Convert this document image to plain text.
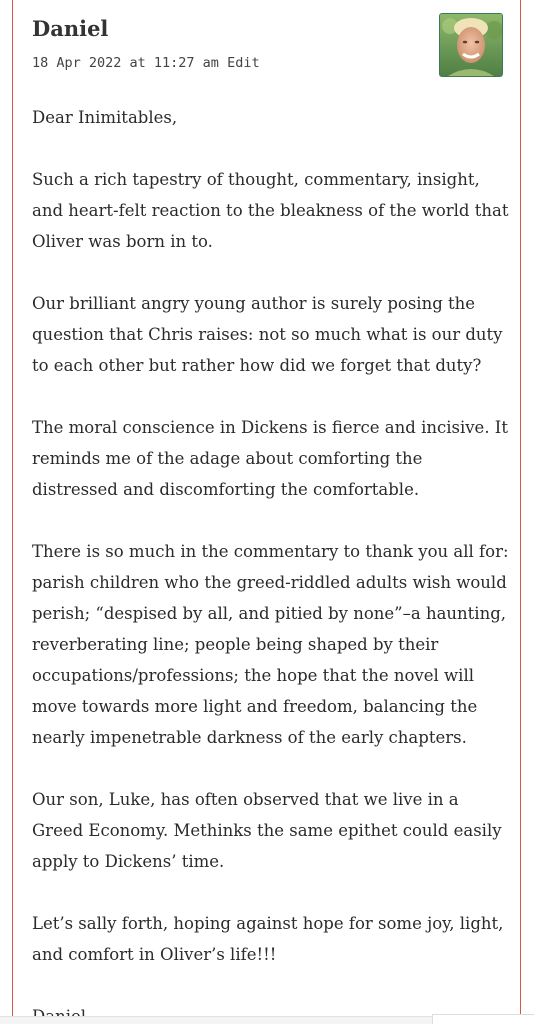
Daniel
18 Apr 2022 at 11:27 am Edit

Dear Inimitables,

Such a rich tapestry of thought, commentary, insight, and heart-felt reaction to the bleakness of the world that Oliver was born in to.

Our brilliant angry young author is surely posing the question that Chris raises: not so much what is our duty to each other but rather how did we forget that duty?

The moral conscience in Dickens is fierce and incisive. It reminds me of the adage about comforting the distressed and discomforting the comfortable.

There is so much in the commentary to thank you all for: parish children who the greed-riddled adults wish would perish; “despised by all, and pitied by none”–a haunting, reverberating line; people being shaped by their occupations/professions; the hope that the novel will move towards more light and freedom, balancing the nearly impenetrable darkness of the early chapters.

Our son, Luke, has often observed that we live in a Greed Economy. Methinks the same epithet could easily apply to Dickens’ time.

Let’s sally forth, hoping against hope for some joy, light, and comfort in Oliver’s life!!!
